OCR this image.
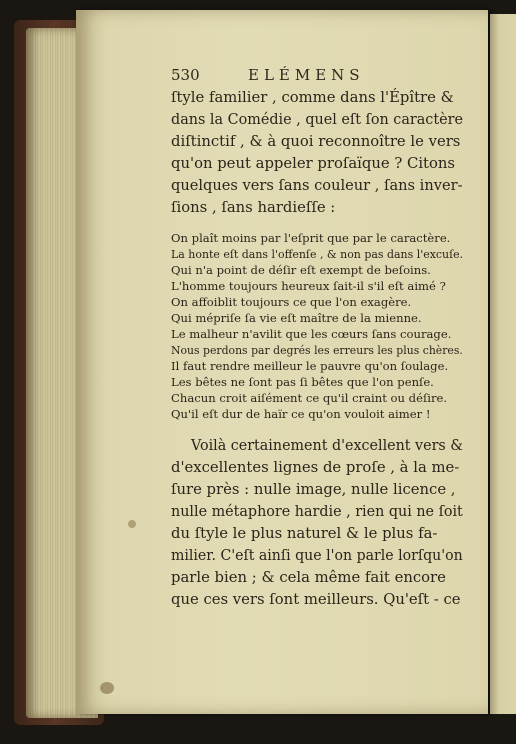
530	ELÉMENS
ſtyle familier , comme dans l'Épître &
dans la Comédie , quel eſt ſon caractère
diſtinctif , & à quoi reconnoître le vers
qu'on peut appeler proſaïque ? Citons
quelques vers ſans couleur , ſans inver-
ſions , ſans hardieſſe :
On plaît moins par l'eſprit que par le caractère.
La honte eſt dans l'offenſe , & non pas dans l'excuſe.
Qui n'a point de déſir eſt exempt de beſoins.
L'homme toujours heureux ſait-il s'il eſt aimé ?
On affoiblit toujours ce que l'on exagère.
Qui mépriſe ſa vie eſt maître de la mienne.
Le malheur n'avilit que les cœurs ſans courage.
Nous perdons par degrés les erreurs les plus chères.
Il faut rendre meilleur le pauvre qu'on ſoulage.
Les bêtes ne ſont pas ſi bêtes que l'on penſe.
Chacun croit aiſément ce qu'il craint ou déſire.
Qu'il eſt dur de haïr ce qu'on vouloit aimer !
Voilà certainement d'excellent vers &
d'excellentes lignes de proſe , à la me-
ſure près : nulle image, nulle licence ,
nulle métaphore hardie , rien qui ne ſoit
du ſtyle le plus naturel & le plus fa-
milier. C'eſt ainſi que l'on parle lorſqu'on
parle bien ; & cela même fait encore
que ces vers ſont meilleurs. Qu'eſt - ce
